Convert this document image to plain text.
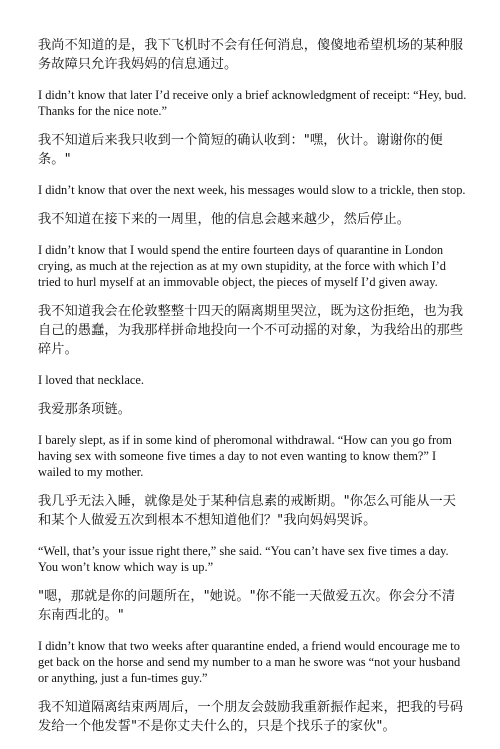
我尚不知道的是，我下飞机时不会有任何消息，傻傻地希望机场的某种服务故障只允许我妈妈的信息通过。

I didn’t know that later I’d receive only a brief acknowledgment of receipt: “Hey, bud. Thanks for the nice note.”

我不知道后来我只收到一个简短的确认收到："嘿，伙计。谢谢你的便条。"

I didn’t know that over the next week, his messages would slow to a trickle, then stop.

我不知道在接下来的一周里，他的信息会越来越少，然后停止。

I didn’t know that I would spend the entire fourteen days of quarantine in London crying, as much at the rejection as at my own stupidity, at the force with which I’d tried to hurl myself at an immovable object, the pieces of myself I’d given away.

我不知道我会在伦敦整整十四天的隔离期里哭泣，既为这份拒绝，也为我自己的愚蠢，为我那样拼命地投向一个不可动摇的对象，为我给出的那些碎片。

I loved that necklace.

我爱那条项链。

I barely slept, as if in some kind of pheromonal withdrawal. “How can you go from having sex with someone five times a day to not even wanting to know them?” I wailed to my mother.

我几乎无法入睡，就像是处于某种信息素的戒断期。"你怎么可能从一天和某个人做爱五次到根本不想知道他们？"我向妈妈哭诉。

“Well, that’s your issue right there,” she said. “You can’t have sex five times a day. You won’t know which way is up.”

"嗯，那就是你的问题所在，"她说。"你不能一天做爱五次。你会分不清东南西北的。"

I didn’t know that two weeks after quarantine ended, a friend would encourage me to get back on the horse and send my number to a man he swore was “not your husband or anything, just a fun-times guy.”

我不知道隔离结束两周后，一个朋友会鼓励我重新振作起来，把我的号码发给一个他发誓"不是你丈夫什么的，只是个找乐子的家伙"。
